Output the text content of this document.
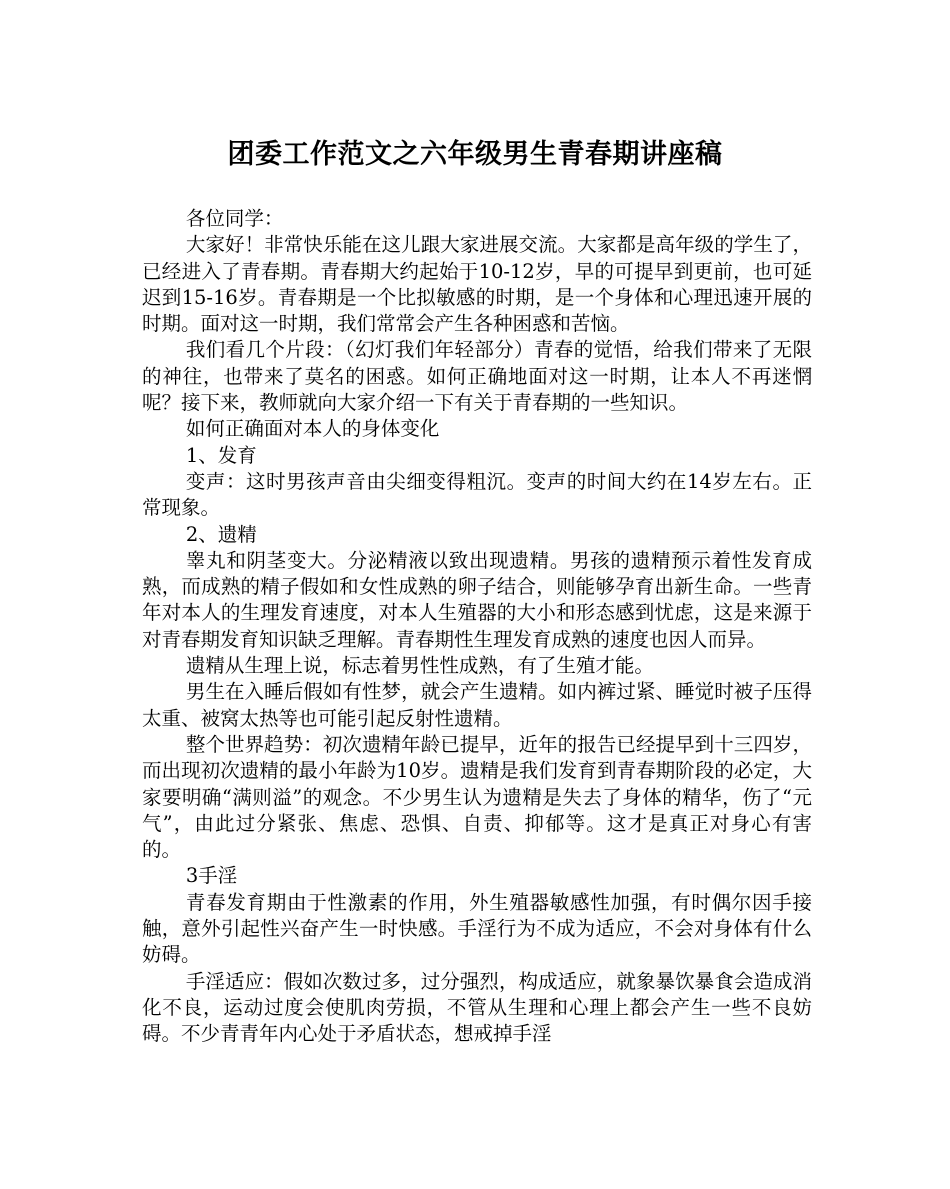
团委工作范文之六年级男生青春期讲座稿

各位同学：

大家好！非常快乐能在这儿跟大家进展交流。大家都是高年级的学生了，已经进入了青春期。青春期大约起始于10-12岁，早的可提早到更前，也可延迟到15-16岁。青春期是一个比拟敏感的时期，是一个身体和心理迅速开展的时期。面对这一时期，我们常常会产生各种困惑和苦恼。

我们看几个片段：（幻灯我们年轻部分）青春的觉悟，给我们带来了无限的神往，也带来了莫名的困惑。如何正确地面对这一时期，让本人不再迷惘呢？接下来，教师就向大家介绍一下有关于青春期的一些知识。

如何正确面对本人的身体变化

1、发育

变声：这时男孩声音由尖细变得粗沉。变声的时间大约在14岁左右。正常现象。

2、遗精

睾丸和阴茎变大。分泌精液以致出现遗精。男孩的遗精预示着性发育成熟，而成熟的精子假如和女性成熟的卵子结合，则能够孕育出新生命。一些青年对本人的生理发育速度，对本人生殖器的大小和形态感到忧虑，这是来源于对青春期发育知识缺乏理解。青春期性生理发育成熟的速度也因人而异。

遗精从生理上说，标志着男性性成熟，有了生殖才能。

男生在入睡后假如有性梦，就会产生遗精。如内裤过紧、睡觉时被子压得太重、被窝太热等也可能引起反射性遗精。

整个世界趋势：初次遗精年龄已提早，近年的报告已经提早到十三四岁，而出现初次遗精的最小年龄为10岁。遗精是我们发育到青春期阶段的必定，大家要明确“满则溢”的观念。不少男生认为遗精是失去了身体的精华，伤了“元气”，由此过分紧张、焦虑、恐惧、自责、抑郁等。这才是真正对身心有害的。

3手淫

青春发育期由于性激素的作用，外生殖器敏感性加强，有时偶尔因手接触，意外引起性兴奋产生一时快感。手淫行为不成为适应，不会对身体有什么妨碍。

手淫适应：假如次数过多，过分强烈，构成适应，就象暴饮暴食会造成消化不良，运动过度会使肌肉劳损，不管从生理和心理上都会产生一些不良妨碍。不少青青年内心处于矛盾状态，想戒掉手淫
